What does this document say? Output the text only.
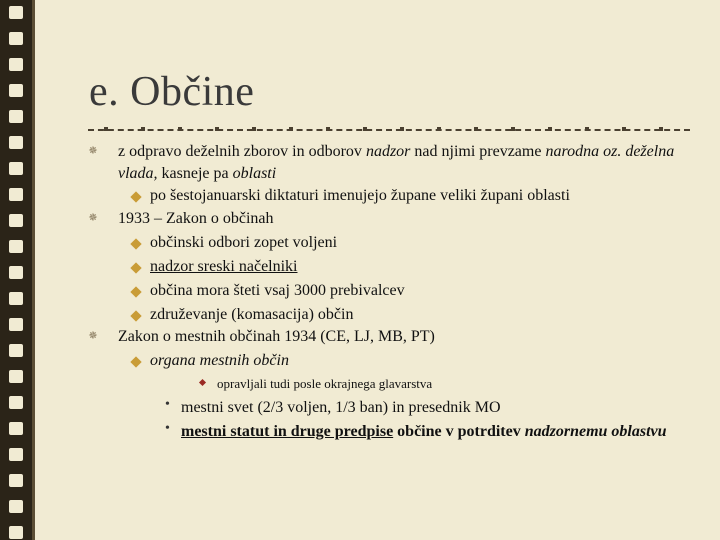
e. Občine
✵ z odpravo deželnih zborov in odborov nadzor nad njimi prevzame narodna oz. deželna vlada, kasneje pa oblasti
po šestojanuarski diktaturi imenujejo župane veliki župani oblasti
✵ 1933 – Zakon o občinah
občinski odbori zopet voljeni
nadzor sreski načelniki
občina mora šteti vsaj 3000 prebivalcev
združevanje (komasacija) občin
✵ Zakon o mestnih občinah 1934 (CE, LJ, MB, PT)
organa mestnih občin
opravljali tudi posle okrajnega glavarstva
• mestni svet (2/3 voljen, 1/3 ban) in presednik MO
• mestni statut in druge predpise občine v potrditev nadzornemu oblastvu
